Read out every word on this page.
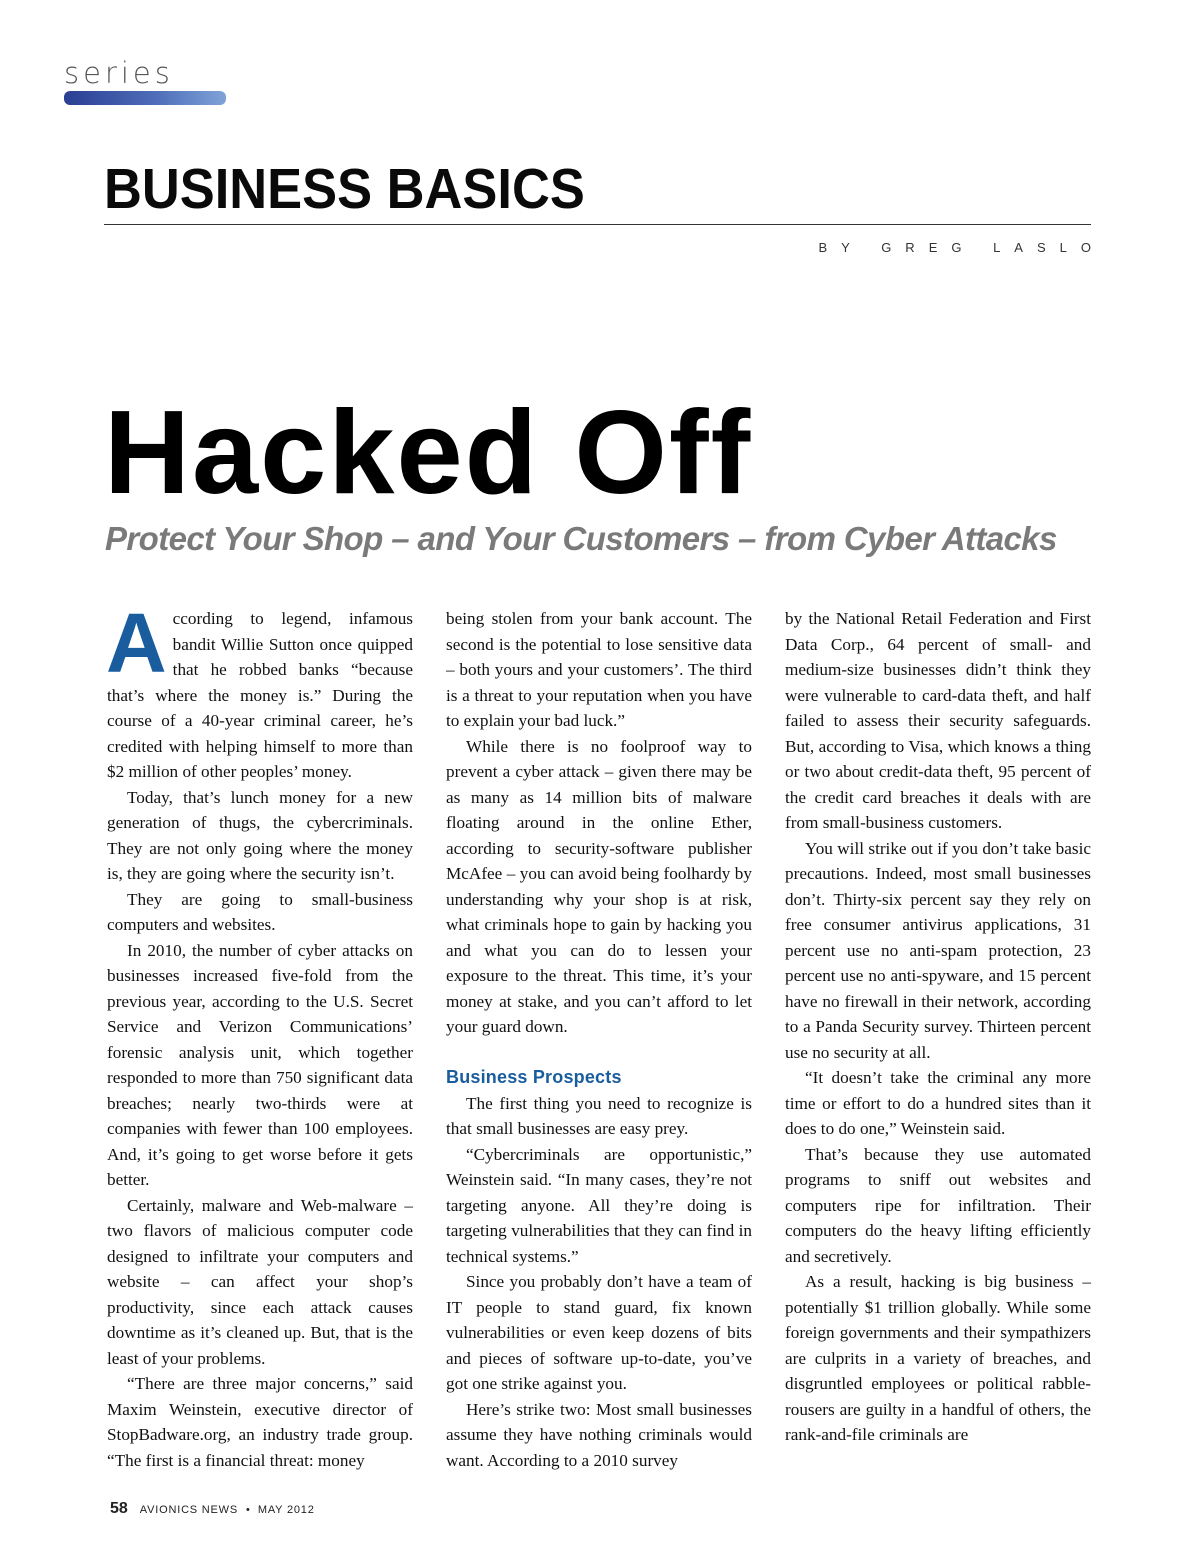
series
BUSINESS BASICS
BY GREG LASLO
Hacked Off
Protect Your Shop – and Your Customers – from Cyber Attacks

According to legend, infamous bandit Willie Sutton once quipped that he robbed banks “because that’s where the money is.” During the course of a 40-year criminal career, he’s credited with helping himself to more than $2 million of other peoples’ money.

Today, that’s lunch money for a new generation of thugs, the cybercriminals. They are not only going where the money is, they are going where the security isn’t.

They are going to small-business computers and websites.

In 2010, the number of cyber attacks on businesses increased five-fold from the previous year, according to the U.S. Secret Service and Verizon Communications’ forensic analysis unit, which together responded to more than 750 significant data breaches; nearly two-thirds were at companies with fewer than 100 employees. And, it’s going to get worse before it gets better.

Certainly, malware and Web-malware – two flavors of malicious computer code designed to infiltrate your computers and website – can affect your shop’s productivity, since each attack causes downtime as it’s cleaned up. But, that is the least of your problems.

“There are three major concerns,” said Maxim Weinstein, executive director of StopBadware.org, an industry trade group. “The first is a financial threat: money

being stolen from your bank account. The second is the potential to lose sensitive data – both yours and your customers’. The third is a threat to your reputation when you have to explain your bad luck.”

While there is no foolproof way to prevent a cyber attack – given there may be as many as 14 million bits of malware floating around in the online Ether, according to security-software publisher McAfee – you can avoid being foolhardy by understanding why your shop is at risk, what criminals hope to gain by hacking you and what you can do to lessen your exposure to the threat. This time, it’s your money at stake, and you can’t afford to let your guard down.

Business Prospects

The first thing you need to recognize is that small businesses are easy prey.

“Cybercriminals are opportunistic,” Weinstein said. “In many cases, they’re not targeting anyone. All they’re doing is targeting vulnerabilities that they can find in technical systems.”

Since you probably don’t have a team of IT people to stand guard, fix known vulnerabilities or even keep dozens of bits and pieces of software up-to-date, you’ve got one strike against you.

Here’s strike two: Most small businesses assume they have nothing criminals would want. According to a 2010 survey

by the National Retail Federation and First Data Corp., 64 percent of small- and medium-size businesses didn’t think they were vulnerable to card-data theft, and half failed to assess their security safeguards. But, according to Visa, which knows a thing or two about credit-data theft, 95 percent of the credit card breaches it deals with are from small-business customers.

You will strike out if you don’t take basic precautions. Indeed, most small businesses don’t. Thirty-six percent say they rely on free consumer antivirus applications, 31 percent use no anti-spam protection, 23 percent use no anti-spyware, and 15 percent have no firewall in their network, according to a Panda Security survey. Thirteen percent use no security at all.

“It doesn’t take the criminal any more time or effort to do a hundred sites than it does to do one,” Weinstein said.

That’s because they use automated programs to sniff out websites and computers ripe for infiltration. Their computers do the heavy lifting efficiently and secretively.

As a result, hacking is big business – potentially $1 trillion globally. While some foreign governments and their sympathizers are culprits in a variety of breaches, and disgruntled employees or political rabble-rousers are guilty in a handful of others, the rank-and-file criminals are

58 AVIONICS NEWS • MAY 2012
